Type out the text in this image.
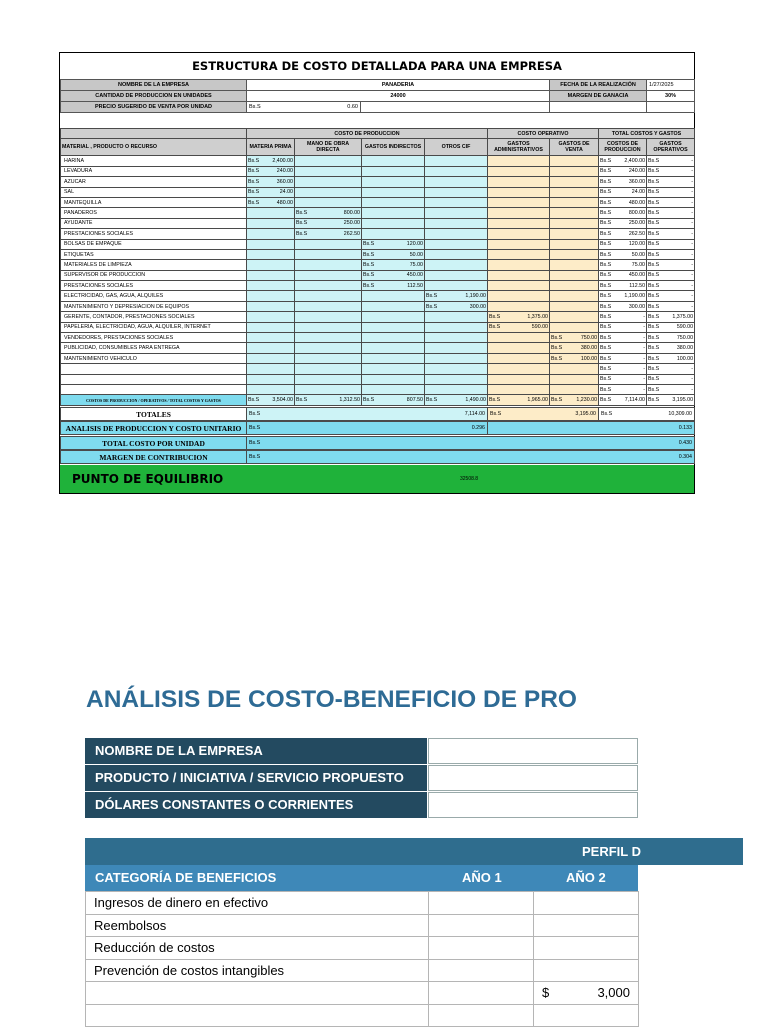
ESTRUCTURA DE COSTO DETALLADA PARA UNA EMPRESA
NOMBRE DE LA EMPRESA	PANADERIA		FECHA DE LA REALIZACIÓN	1/27/2025
CANTIDAD DE PRODUCCION EN UNIDADES	24000		MARGEN DE GANACIA	30%
PRECIO SUGERIDO DE VENTA POR UNIDAD	Bs.S 0.60			

	COSTO DE PRODUCCION				COSTO OPERATIVO		TOTAL COSTOS Y GASTOS	
MATERIAL , PRODUCTO O RECURSO	MATERIA PRIMA	MANO DE OBRA DIRECTA	GASTOS INDIRECTOS	OTROS CIF	GASTOS ADMINISTRATIVOS	GASTOS DE VENTA	COSTOS DE PRODUCCION	GASTOS OPERATIVOS
HARINA	Bs.S 2,400.00						Bs.S 2,400.00	Bs.S -

LEVADURA	Bs.S 240.00						Bs.S 240.00	Bs.S -

AZUCAR	Bs.S 360.00						Bs.S 360.00	Bs.S -

SAL	Bs.S 24.00						Bs.S 24.00	Bs.S -

MANTEQUILLA	Bs.S 480.00						Bs.S 480.00	Bs.S -

PANADEROS		Bs.S 800.00					Bs.S 800.00	Bs.S -

AYUDANTE		Bs.S 250.00					Bs.S 250.00	Bs.S -

PRESTACIONES SOCIALES		Bs.S 262.50					Bs.S 262.50	Bs.S -

BOLSAS DE EMPAQUE			Bs.S 120.00				Bs.S 120.00	Bs.S -

ETIQUETAS			Bs.S 50.00				Bs.S 50.00	Bs.S -

MATERIALES DE LIMPIEZA			Bs.S 75.00				Bs.S 75.00	Bs.S -

SUPERVISOR DE PRODUCCION			Bs.S 450.00				Bs.S 450.00	Bs.S -

PRESTACIONES SOCIALES			Bs.S 112.50				Bs.S 112.50	Bs.S -

ELECTRICIDAD, GAS, AGUA, ALQUILES				Bs.S 1,190.00			Bs.S 1,190.00	Bs.S -

MANTENIMIENTO Y DEPRESIACION DE EQUIPOS				Bs.S 300.00			Bs.S 300.00	Bs.S -

GERENTE, CONTADOR, PRESTACIONES SOCIALES					Bs.S 1,375.00		Bs.S -	Bs.S 1,375.00

PAPELERIA, ELECTRICIDAD, AGUA, ALQUILER, INTERNET					Bs.S 590.00		Bs.S -	Bs.S 590.00

VENDEDORES, PRESTACIONES SOCIALES						Bs.S 750.00	Bs.S -	Bs.S 750.00

PUBLICIDAD, CONSUMIBLES PARA ENTREGA						Bs.S 380.00	Bs.S -	Bs.S 380.00

MANTENIMIENTO VEHICULO						Bs.S 100.00	Bs.S -	Bs.S 100.00

							Bs.S -	Bs.S -

							Bs.S -	Bs.S -

							Bs.S -	Bs.S -

COSTOS DE PRODUCCION / OPERATIVOS / TOTAL COSTOS Y GASTOS	Bs.S 3,504.00	Bs.S 1,312.50	Bs.S 807.50	Bs.S 1,490.00	Bs.S 1,965.00	Bs.S 1,230.00	Bs.S 7,114.00	Bs.S 3,195.00
TOTALES	Bs.S	7,114.00	Bs.S	3,195.00	Bs.S	10,309.00
ANALISIS DE PRODUCCION Y COSTO UNITARIO	Bs.S	0.296	0.133
TOTAL COSTO POR UNIDAD	Bs.S	0.430
MARGEN DE CONTRIBUCION	Bs.S	0.304
PUNTO DE EQUILIBRIO	32508.8
ANÁLISIS DE COSTO-BENEFICIO DE PRO
NOMBRE DE LA EMPRESA
PRODUCTO / INICIATIVA / SERVICIO PROPUESTO
DÓLARES CONSTANTES O CORRIENTES
PERFIL D
CATEGORÍA DE BENEFICIOS	AÑO 1	AÑO 2
Ingresos de dinero en efectivo		
Reembolsos		
Reducción de costos		
Prevención de costos intangibles		

		$ 3,000
